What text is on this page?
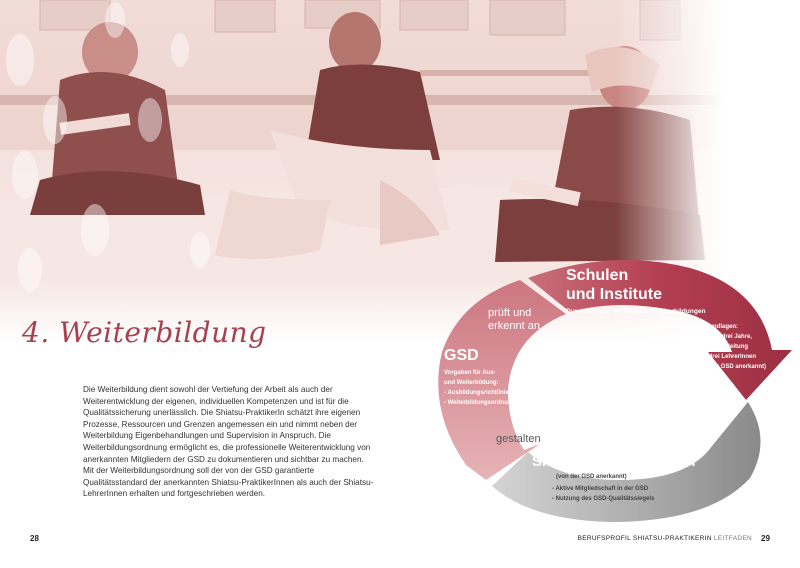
4. Weiterbildung

Die Weiterbildung dient sowohl der Vertiefung der Arbeit als auch der Weiterentwicklung der eigenen, individuellen Kompetenzen und ist für die Qualitätssicherung unerlässlich. Die Shiatsu-PraktikerIn schätzt ihre eigenen Prozesse, Ressourcen und Grenzen angemessen ein und nimmt neben der Weiterbildung Eigenbehandlungen und Supervision in Anspruch. Die Weiterbildungsordnung ermöglicht es, die professionelle Weiterentwicklung von anerkannten Mitgliedern der GSD zu dokumentieren und sichtbar zu machen. Mit der Weiterbildungsordnung soll der von der GSD garantierte Qualitätsstandard der anerkannten Shiatsu-PraktikerInnen als auch der Shiatsu-LehrerInnen erhalten und fortgeschrieben werden.

Schulen
und Institute
Durchführung der Aus- und Weiterbildungen
Ausbildungsgrundlagen:
500 Stunden, min. drei Jahre,
individuelle Begleitung
durch drei LehrerInnen
(von der GSD anerkannt)
prüft und
erkennt an
GSD
Vorgaben für Aus-
und Weiterbildung:
- Ausbildungsrichtlinien
- Weiterbildungsordnung
prüft
gestalten
Shiatsu-PraktikerInnen
(von der GSD anerkannt)
- Aktive Mitgliedschaft in der GSD
- Nutzung des GSD-Qualitätssiegels
28	BERUFSPROFIL SHIATSU-PRAKTIKERIN LEITFADEN 29
